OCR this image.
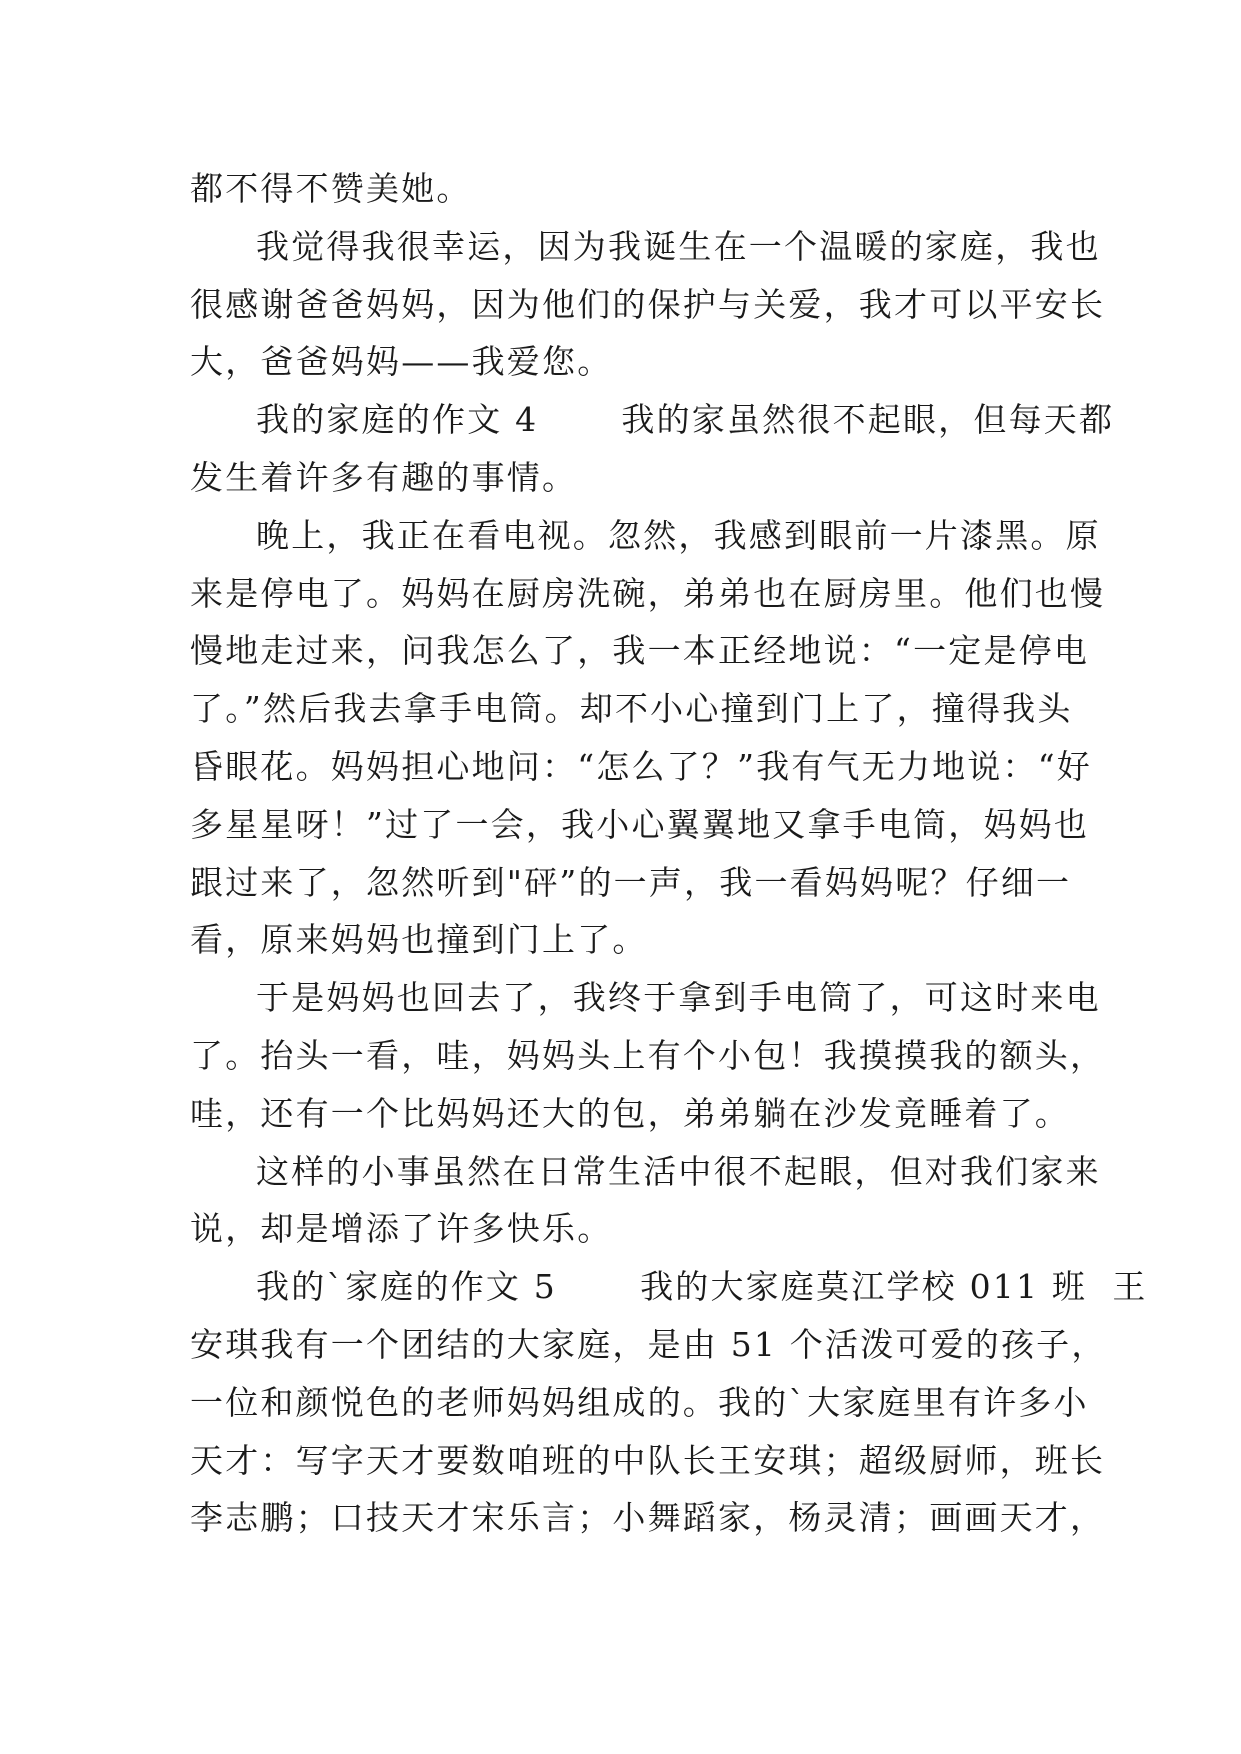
都不得不赞美她。
我觉得我很幸运，因为我诞生在一个温暖的家庭，我也
很感谢爸爸妈妈，因为他们的保护与关爱，我才可以平安长
大，爸爸妈妈——我爱您。
我的家庭的作文 4　　 我的家虽然很不起眼，但每天都
发生着许多有趣的事情。
晚上，我正在看电视。忽然，我感到眼前一片漆黑。原
来是停电了。妈妈在厨房洗碗，弟弟也在厨房里。他们也慢
慢地走过来，问我怎么了，我一本正经地说：“一定是停电
了。”然后我去拿手电筒。却不小心撞到门上了，撞得我头
昏眼花。妈妈担心地问：“怎么了？”我有气无力地说：“好
多星星呀！”过了一会，我小心翼翼地又拿手电筒，妈妈也
跟过来了，忽然听到"砰”的一声，我一看妈妈呢？仔细一
看，原来妈妈也撞到门上了。
于是妈妈也回去了，我终于拿到手电筒了，可这时来电
了。抬头一看，哇，妈妈头上有个小包！我摸摸我的额头，
哇，还有一个比妈妈还大的包，弟弟躺在沙发竟睡着了。
这样的小事虽然在日常生活中很不起眼，但对我们家来
说，却是增添了许多快乐。
我的`家庭的作文 5　　 我的大家庭莫江学校 011 班  王
安琪我有一个团结的大家庭，是由 51 个活泼可爱的孩子，
一位和颜悦色的老师妈妈组成的。我的`大家庭里有许多小
天才：写字天才要数咱班的中队长王安琪；超级厨师，班长
李志鹏；口技天才宋乐言；小舞蹈家，杨灵清；画画天才，
